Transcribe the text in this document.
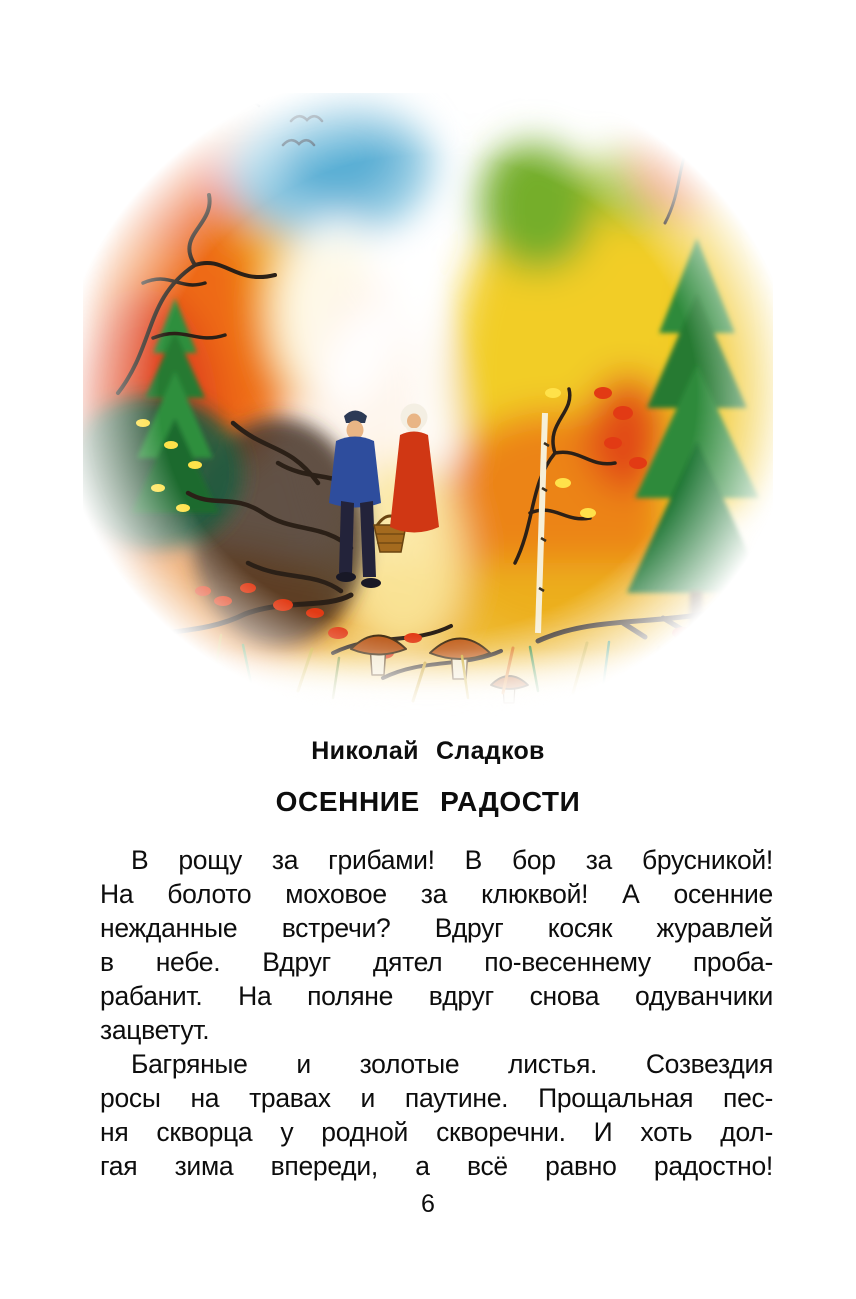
Николай Сладков
ОСЕННИЕ РАДОСТИ
В рощу за грибами! В бор за брусникой!
На болото моховое за клюквой! А осенние
нежданные встречи? Вдруг косяк журавлей
в небе. Вдруг дятел по-весеннему проба-
рабанит. На поляне вдруг снова одуванчики
зацветут.
Багряные и золотые листья. Созвездия
росы на травах и паутине. Прощальная пес-
ня скворца у родной скворечни. И хоть дол-
гая зима впереди, а всё равно радостно!
6
